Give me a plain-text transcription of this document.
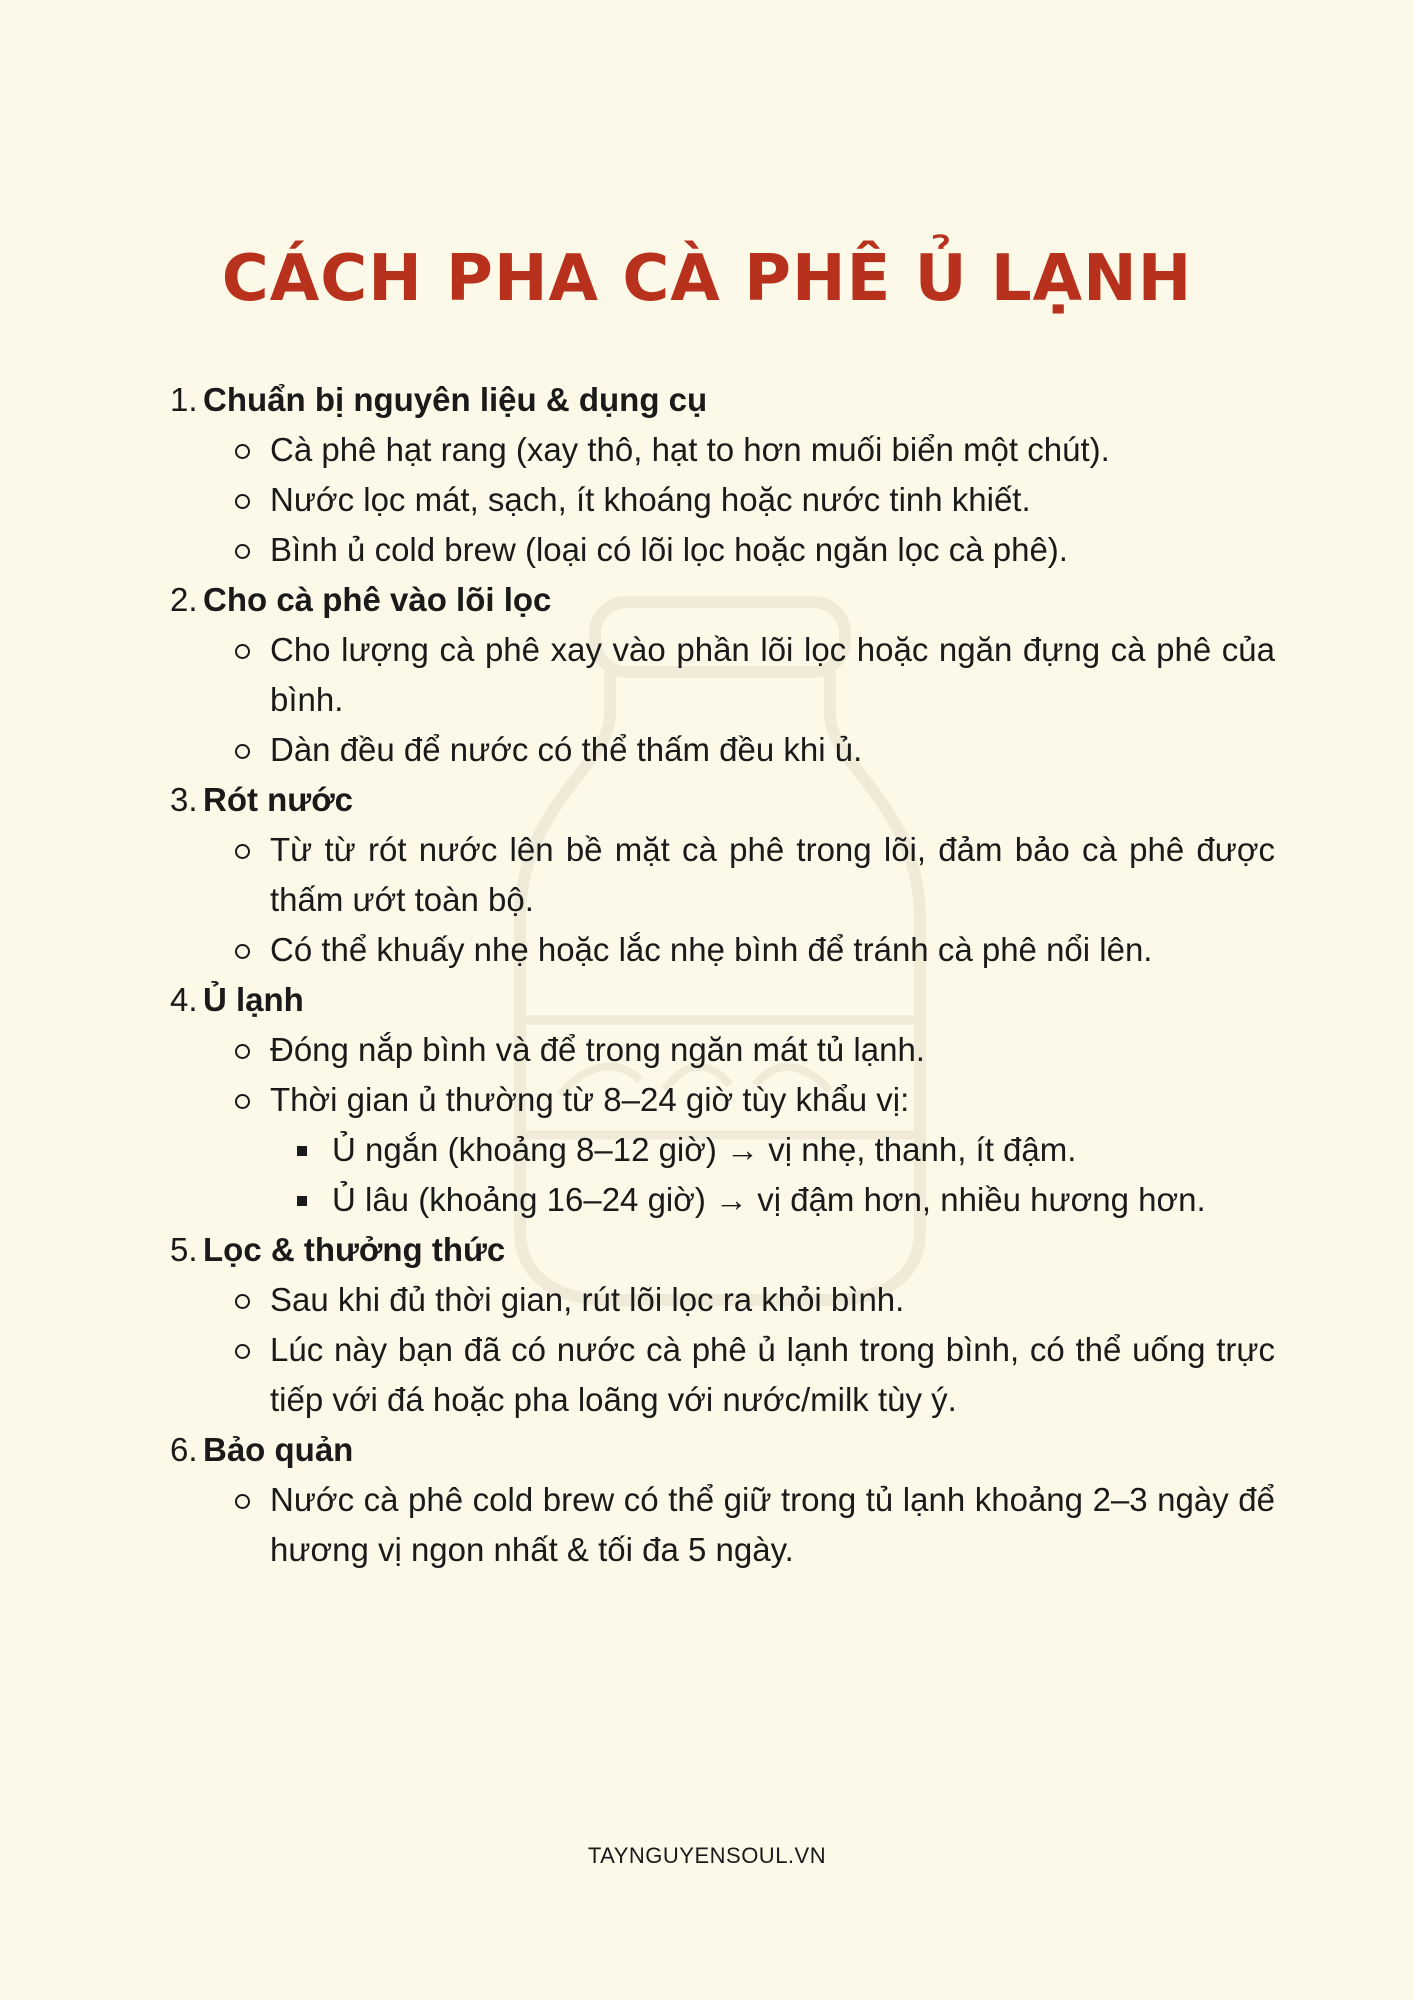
CÁCH PHA CÀ PHÊ Ủ LẠNH
1. Chuẩn bị nguyên liệu & dụng cụ
Cà phê hạt rang (xay thô, hạt to hơn muối biển một chút).
Nước lọc mát, sạch, ít khoáng hoặc nước tinh khiết.
Bình ủ cold brew (loại có lõi lọc hoặc ngăn lọc cà phê).
2. Cho cà phê vào lõi lọc
Cho lượng cà phê xay vào phần lõi lọc hoặc ngăn đựng cà phê của bình.
Dàn đều để nước có thể thấm đều khi ủ.
3. Rót nước
Từ từ rót nước lên bề mặt cà phê trong lõi, đảm bảo cà phê được thấm ướt toàn bộ.
Có thể khuấy nhẹ hoặc lắc nhẹ bình để tránh cà phê nổi lên.
4. Ủ lạnh
Đóng nắp bình và để trong ngăn mát tủ lạnh.
Thời gian ủ thường từ 8–24 giờ tùy khẩu vị:
Ủ ngắn (khoảng 8–12 giờ) → vị nhẹ, thanh, ít đậm.
Ủ lâu (khoảng 16–24 giờ) → vị đậm hơn, nhiều hương hơn.
5. Lọc & thưởng thức
Sau khi đủ thời gian, rút lõi lọc ra khỏi bình.
Lúc này bạn đã có nước cà phê ủ lạnh trong bình, có thể uống trực tiếp với đá hoặc pha loãng với nước/milk tùy ý.
6. Bảo quản
Nước cà phê cold brew có thể giữ trong tủ lạnh khoảng 2–3 ngày để hương vị ngon nhất & tối đa 5 ngày.
TAYNGUYENSOUL.VN
